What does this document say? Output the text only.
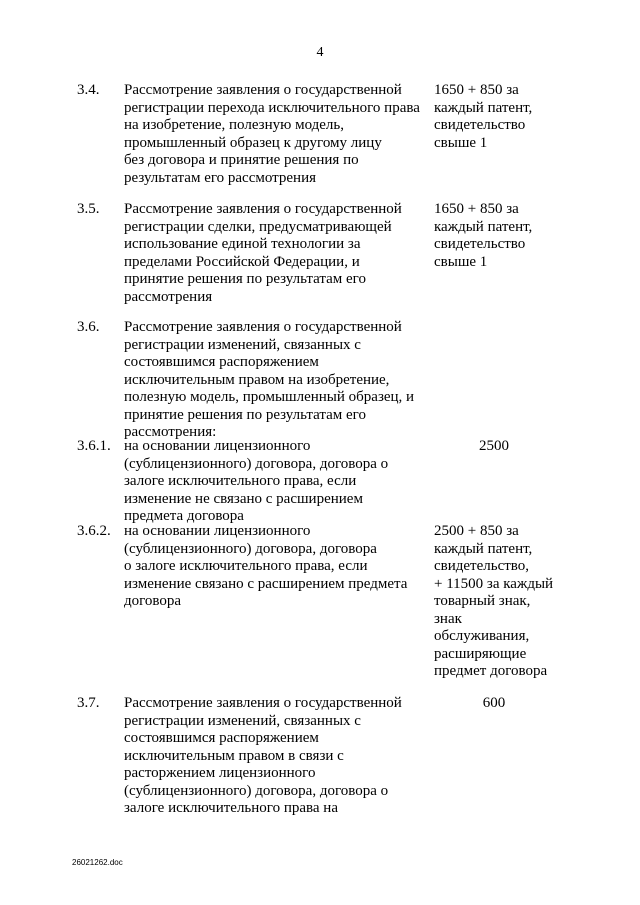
4
3.4. Рассмотрение заявления о государственной
регистрации перехода исключительного права
на изобретение, полезную модель,
промышленный образец к другому лицу
без договора и принятие решения по
результатам его рассмотрения
1650 + 850 за
каждый патент,
свидетельство
свыше 1
3.5. Рассмотрение заявления о государственной
регистрации сделки, предусматривающей
использование единой технологии за
пределами Российской Федерации, и
принятие решения по результатам его
рассмотрения
1650 + 850 за
каждый патент,
свидетельство
свыше 1
3.6. Рассмотрение заявления о государственной
регистрации изменений, связанных с
состоявшимся распоряжением
исключительным правом на изобретение,
полезную модель, промышленный образец, и
принятие решения по результатам его
рассмотрения:
3.6.1. на основании лицензионного
(сублицензионного) договора, договора о
залоге исключительного права, если
изменение не связано с расширением
предмета договора
2500
3.6.2. на основании лицензионного
(сублицензионного) договора, договора
о залоге исключительного права, если
изменение связано с расширением предмета
договора
2500 + 850 за
каждый патент,
свидетельство,
+ 11500 за каждый
товарный знак,
знак
обслуживания,
расширяющие
предмет договора
3.7. Рассмотрение заявления о государственной
регистрации изменений, связанных с
состоявшимся распоряжением
исключительным правом в связи с
расторжением лицензионного
(сублицензионного) договора, договора о
залоге исключительного права на
600
26021262.doc
